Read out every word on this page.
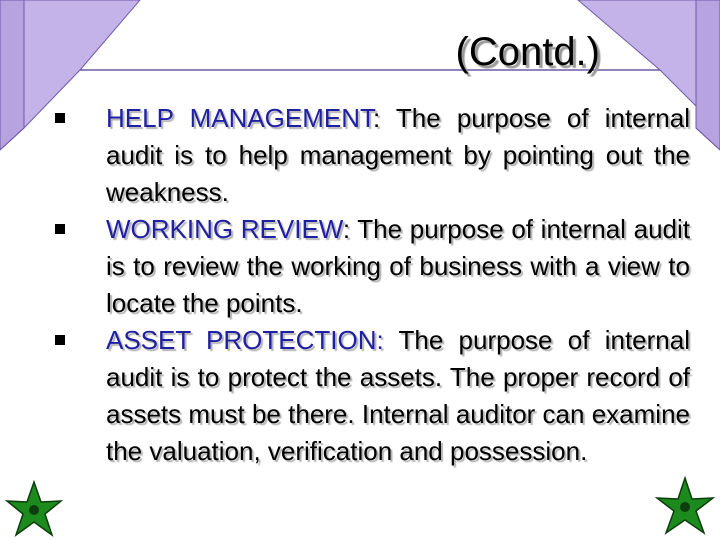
(Contd.)

HELP MANAGEMENT: The purpose of internal audit is to help management by pointing out the weakness.

WORKING REVIEW: The purpose of internal audit is to review the working of business with a view to locate the points.

ASSET PROTECTION: The purpose of internal audit is to protect the assets. The proper record of assets must be there. Internal auditor can examine the valuation, verification and possession.
